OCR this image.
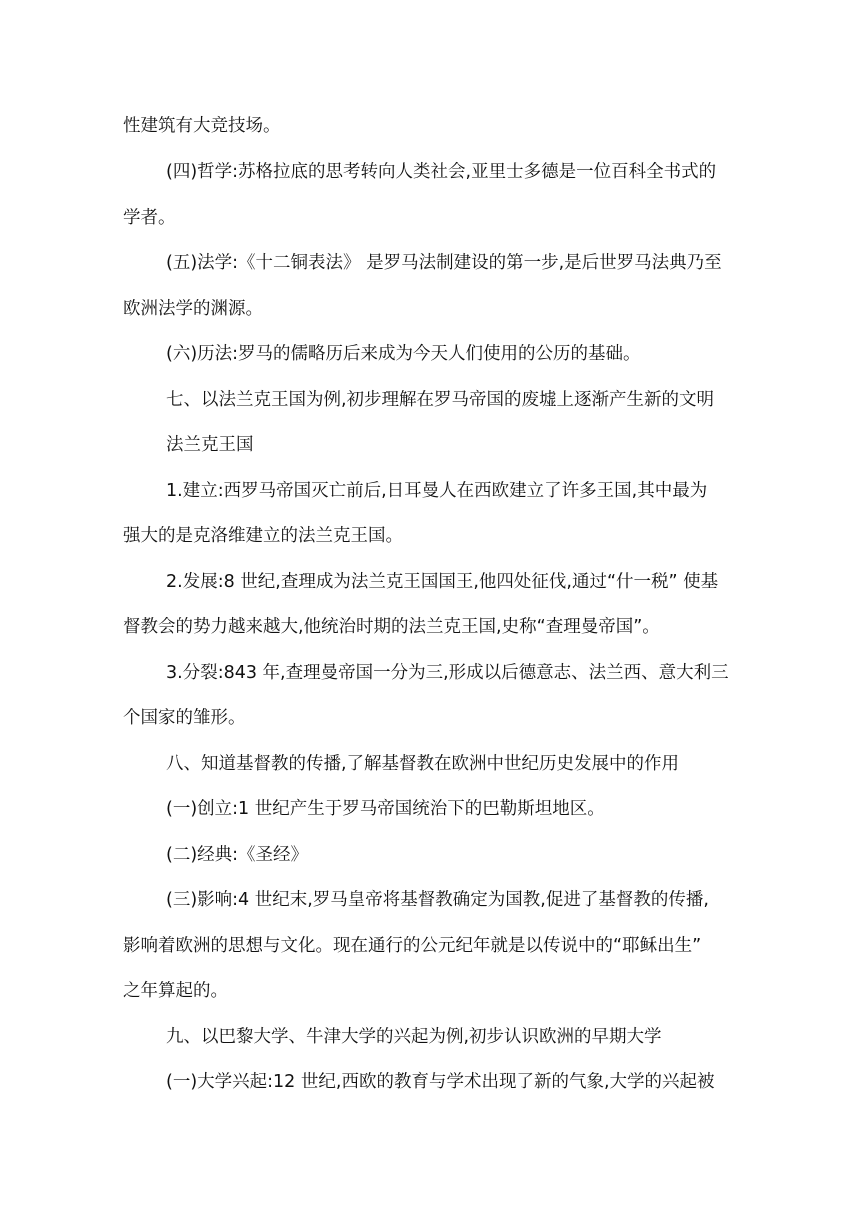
性建筑有大竞技场。
(四)哲学:苏格拉底的思考转向人类社会,亚里士多德是一位百科全书式的
学者。
(五)法学:《十二铜表法》 是罗马法制建设的第一步,是后世罗马法典乃至
欧洲法学的渊源。
(六)历法:罗马的儒略历后来成为今天人们使用的公历的基础。
七、以法兰克王国为例,初步理解在罗马帝国的废墟上逐渐产生新的文明
法兰克王国
1.建立:西罗马帝国灭亡前后,日耳曼人在西欧建立了许多王国,其中最为
强大的是克洛维建立的法兰克王国。
2.发展:8 世纪,查理成为法兰克王国国王,他四处征伐,通过“什一税” 使基
督教会的势力越来越大,他统治时期的法兰克王国,史称“查理曼帝国”。
3.分裂:843 年,查理曼帝国一分为三,形成以后德意志、法兰西、意大利三
个国家的雏形。
八、知道基督教的传播,了解基督教在欧洲中世纪历史发展中的作用
(一)创立:1 世纪产生于罗马帝国统治下的巴勒斯坦地区。
(二)经典:《圣经》
(三)影响:4 世纪末,罗马皇帝将基督教确定为国教,促进了基督教的传播,
影响着欧洲的思想与文化。现在通行的公元纪年就是以传说中的“耶稣出生”
之年算起的。
九、以巴黎大学、牛津大学的兴起为例,初步认识欧洲的早期大学
(一)大学兴起:12 世纪,西欧的教育与学术出现了新的气象,大学的兴起被
